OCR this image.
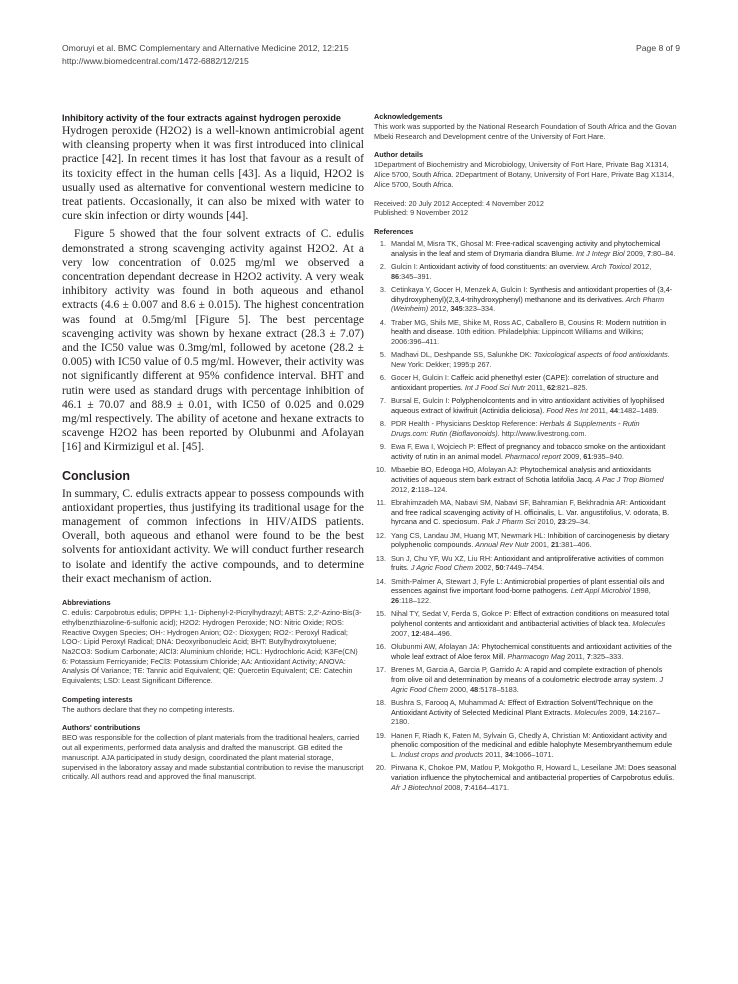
Omoruyi et al. BMC Complementary and Alternative Medicine 2012, 12:215
http://www.biomedcentral.com/1472-6882/12/215
Page 8 of 9
Inhibitory activity of the four extracts against hydrogen peroxide

Hydrogen peroxide (H2O2) is a well-known antimicrobial agent with cleansing property when it was first introduced into clinical practice [42]. In recent times it has lost that favour as a result of its toxicity effect in the human cells [43]. As a liquid, H2O2 is usually used as alternative for conventional western medicine to treat patients. Occasionally, it can also be mixed with water to cure skin infection or dirty wounds [44].

Figure 5 showed that the four solvent extracts of C. edulis demonstrated a strong scavenging activity against H2O2. At a very low concentration of 0.025 mg/ml we observed a concentration dependant decrease in H2O2 activity. A very weak inhibitory activity was found in both aqueous and ethanol extracts (4.6 ± 0.007 and 8.6 ± 0.015). The highest concentration was found at 0.5mg/ml [Figure 5]. The best percentage scavenging activity was shown by hexane extract (28.3 ± 7.07) and the IC50 value was 0.3mg/ml, followed by acetone (28.2 ± 0.005) with IC50 value of 0.5 mg/ml. However, their activity was not significantly different at 95% confidence interval. BHT and rutin were used as standard drugs with percentage inhibition of 46.1 ± 70.07 and 88.9 ± 0.01, with IC50 of 0.025 and 0.029 mg/ml respectively. The ability of acetone and hexane extracts to scavenge H2O2 has been reported by Olubunmi and Afolayan [16] and Kirmizigul et al. [45].

Conclusion

In summary, C. edulis extracts appear to possess compounds with antioxidant properties, thus justifying its traditional usage for the management of common infections in HIV/AIDS patients. Overall, both aqueous and ethanol were found to be the best solvents for antioxidant activity. We will conduct further research to isolate and identify the active compounds, and to determine their exact mechanism of action.

Abbreviations
C. edulis: Carpobrotus edulis; DPPH: 1,1- Diphenyl-2-Picrylhydrazyl; ABTS: 2,2'-Azino-Bis(3-ethylbenzthiazoline-6-sulfonic acid); H2O2: Hydrogen Peroxide; NO: Nitric Oxide; ROS: Reactive Oxygen Species; OH-: Hydrogen Anion; O2-: Dioxygen; RO2-: Peroxyl Radical; LOO-: Lipid Peroxyl Radical; DNA: Deoxyribonucleic Acid; BHT: Butylhydroxytoluene; Na2CO3: Sodium Carbonate; AlCl3: Aluminium chloride; HCL: Hydrochloric Acid; K3Fe(CN) 6: Potassium Ferricyanide; FeCl3: Potassium Chloride; AA: Antioxidant Activity; ANOVA: Analysis Of Variance; TE: Tannic acid Equivalent; QE: Quercetin Equivalent; CE: Catechin Equivalents; LSD: Least Significant Difference.
Competing interests
The authors declare that they no competing interests.
Authors' contributions
BEO was responsible for the collection of plant materials from the traditional healers, carried out all experiments, performed data analysis and drafted the manuscript. GB edited the manuscript. AJA participated in study design, coordinated the plant material storage, supervised in the laboratory assay and made substantial contribution to revise the manuscript critically. All authors read and approved the final manuscript.
Acknowledgements
This work was supported by the National Research Foundation of South Africa and the Govan Mbeki Research and Development centre of the University of Fort Hare.
Author details
1Department of Biochemistry and Microbiology, University of Fort Hare, Private Bag X1314, Alice 5700, South Africa. 2Department of Botany, University of Fort Hare, Private Bag X1314, Alice 5700, South Africa.
Received: 20 July 2012 Accepted: 4 November 2012
Published: 9 November 2012
References
1. Mandal M, Misra TK, Ghosal M: Free-radical scavenging activity and phytochemical analysis in the leaf and stem of Drymaria diandra Blume. Int J Integr Biol 2009, 7:80–84.
2. Gulcin I: Antioxidant activity of food constituents: an overview. Arch Toxicol 2012, 86:345–391.
3. Cetinkaya Y, Gocer H, Menzek A, Gulcin I: Synthesis and antioxidant properties of (3,4-dihydroxyphenyl)(2,3,4-trihydroxyphenyl) methanone and its derivatives. Arch Pharm (Weinheim) 2012, 345:323–334.
4. Traber MG, Shils ME, Shike M, Ross AC, Caballero B, Cousins R: Modern nutrition in health and disease. 10th edition. Philadelphia: Lippincott Williams and Wilkins; 2006:396–411.
5. Madhavi DL, Deshpande SS, Salunkhe DK: Toxicological aspects of food antioxidants. New York: Dekker; 1995:p 267.
6. Gocer H, Gulcin I: Caffeic acid phenethyl ester (CAPE): correlation of structure and antioxidant properties. Int J Food Sci Nutr 2011, 62:821–825.
7. Bursal E, Gulcin I: Polyphenolcontents and in vitro antioxidant activities of lyophilised aqueous extract of kiwifruit (Actinidia deliciosa). Food Res Int 2011, 44:1482–1489.
8. PDR Health - Physicians Desktop Reference: Herbals & Supplements - Rutin Drugs.com: Rutin (Bioflavonoids). http://www.livestrong.com.
9. Ewa F, Ewa I, Wojciech P: Effect of pregnancy and tobacco smoke on the antioxidant activity of rutin in an animal model. Pharmacol report 2009, 61:935–940.
10. Mbaebie BO, Edeoga HO, Afolayan AJ: Phytochemical analysis and antioxidants activities of aqueous stem bark extract of Schotia latifolia Jacq. A Pac J Trop Biomed 2012, 2:118–124.
11. Ebrahimzadeh MA, Nabavi SM, Nabavi SF, Bahramian F, Bekhradnia AR: Antioxidant and free radical scavenging activity of H. officinalis, L. Var. angustifolius, V. odorata, B. hyrcana and C. speciosum. Pak J Pharm Sci 2010, 23:29–34.
12. Yang CS, Landau JM, Huang MT, Newmark HL: Inhibition of carcinogenesis by dietary polyphenolic compounds. Annual Rev Nutr 2001, 21:381–406.
13. Sun J, Chu YF, Wu XZ, Liu RH: Antioxidant and antiproliferative activities of common fruits. J Agric Food Chem 2002, 50:7449–7454.
14. Smith-Palmer A, Stewart J, Fyfe L: Antimicrobial properties of plant essential oils and essences against five important food-borne pathogens. Lett Appl Microbiol 1998, 26:118–122.
15. Nihal TY, Sedat V, Ferda S, Gokce P: Effect of extraction conditions on measured total polyhenol contents and antioxidant and antibacterial activities of black tea. Molecules 2007, 12:484–496.
16. Olubunmi AW, Afolayan JA: Phytochemical constituents and antioxidant activities of the whole leaf extract of Aloe ferox Mill. Pharmacogn Mag 2011, 7:325–333.
17. Brenes M, Garcia A, Garcia P, Garrido A: A rapid and complete extraction of phenols from olive oil and determination by means of a coulometric electrode array system. J Agric Food Chem 2000, 48:5178–5183.
18. Bushra S, Farooq A, Muhammad A: Effect of Extraction Solvent/Technique on the Antioxidant Activity of Selected Medicinal Plant Extracts. Molecules 2009, 14:2167–2180.
19. Hanen F, Riadh K, Faten M, Sylvain G, Chedly A, Christian M: Antioxidant activity and phenolic composition of the medicinal and edible halophyte Mesembryanthemum edule L. Indust crops and products 2011, 34:1066–1071.
20. Pirwana K, Chokoe PM, Matlou P, Mokgotho R, Howard L, Leseilane JM: Does seasonal variation influence the phytochemical and antibacterial properties of Carpobrotus edulis. Afr J Biotechnol 2008, 7:4164–4171.
